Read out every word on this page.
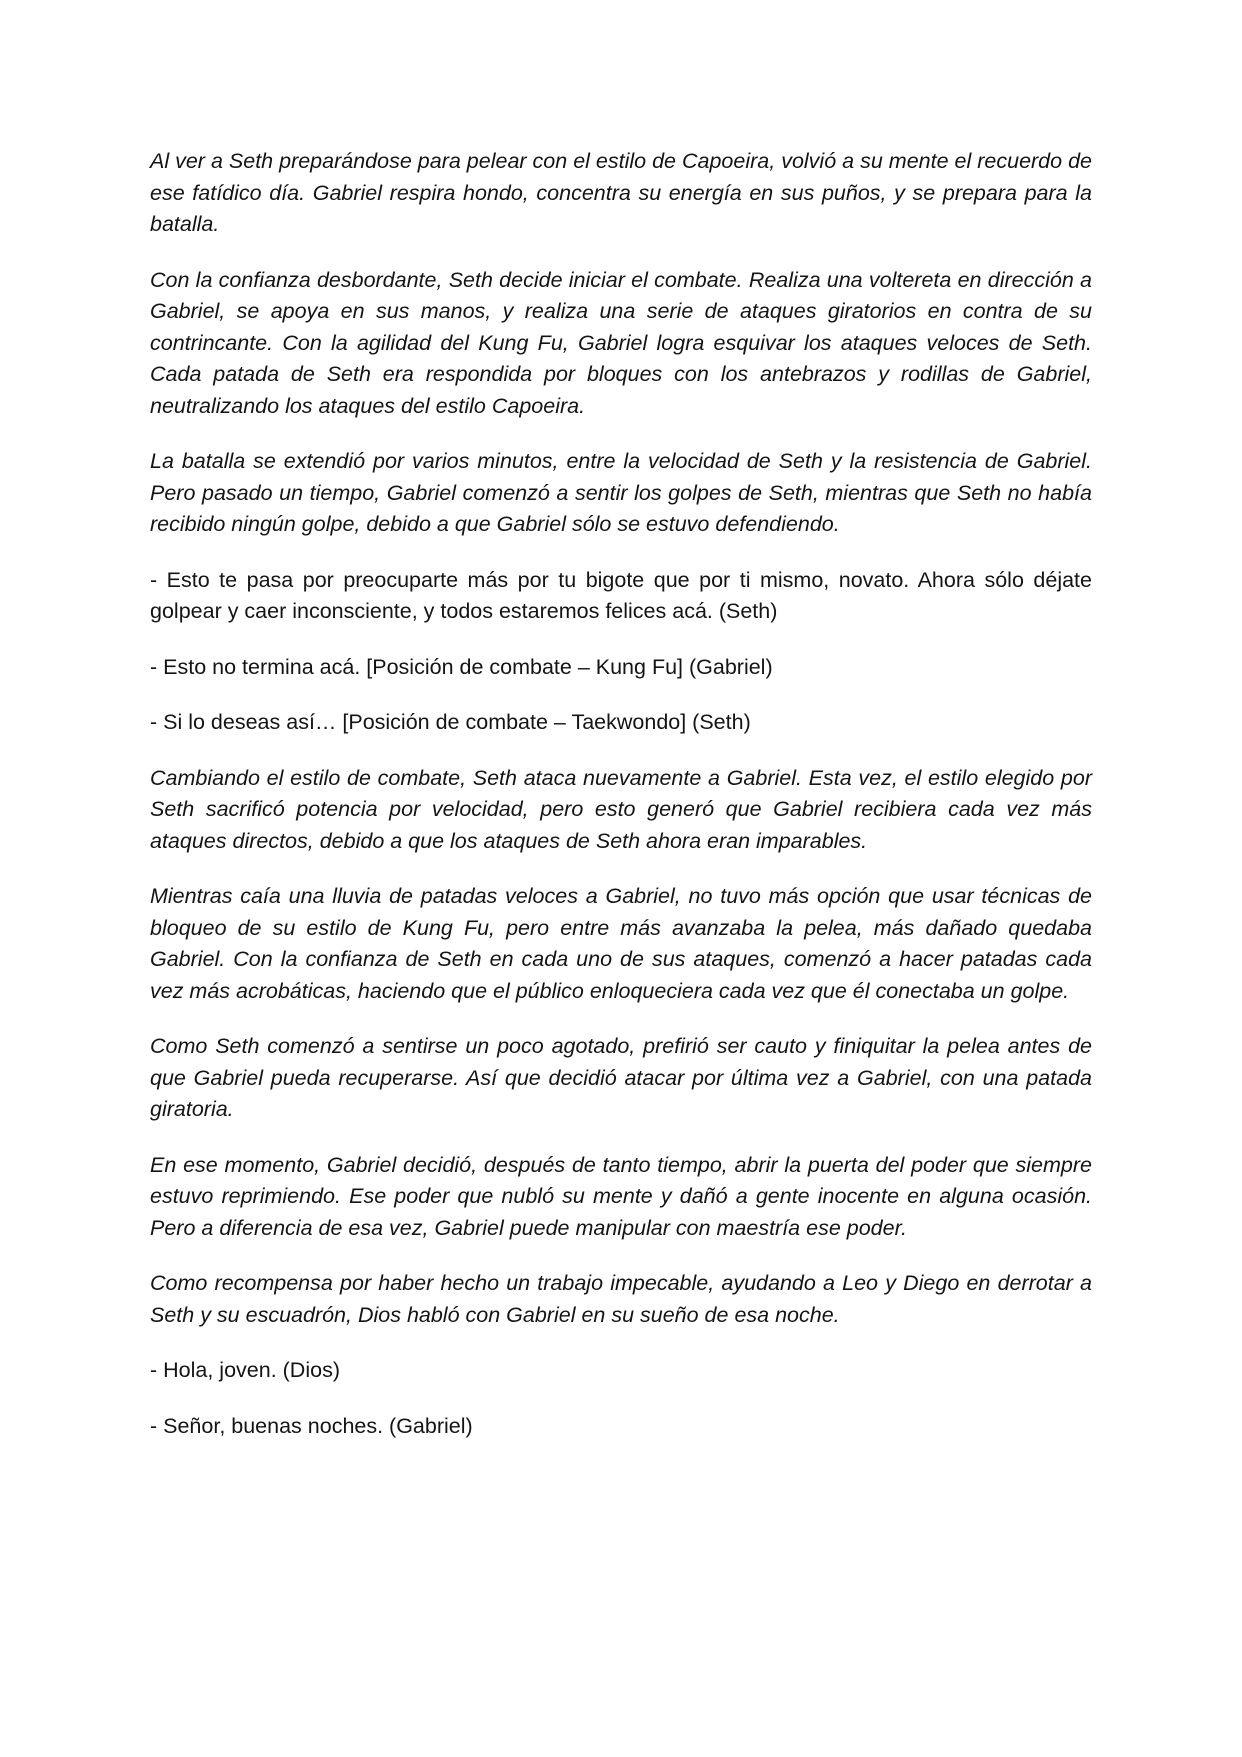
Al ver a Seth preparándose para pelear con el estilo de Capoeira, volvió a su mente el recuerdo de ese fatídico día. Gabriel respira hondo, concentra su energía en sus puños, y se prepara para la batalla.

Con la confianza desbordante, Seth decide iniciar el combate. Realiza una voltereta en dirección a Gabriel, se apoya en sus manos, y realiza una serie de ataques giratorios en contra de su contrincante. Con la agilidad del Kung Fu, Gabriel logra esquivar los ataques veloces de Seth. Cada patada de Seth era respondida por bloques con los antebrazos y rodillas de Gabriel, neutralizando los ataques del estilo Capoeira.

La batalla se extendió por varios minutos, entre la velocidad de Seth y la resistencia de Gabriel. Pero pasado un tiempo, Gabriel comenzó a sentir los golpes de Seth, mientras que Seth no había recibido ningún golpe, debido a que Gabriel sólo se estuvo defendiendo.

- Esto te pasa por preocuparte más por tu bigote que por ti mismo, novato. Ahora sólo déjate golpear y caer inconsciente, y todos estaremos felices acá. (Seth)

- Esto no termina acá. [Posición de combate – Kung Fu] (Gabriel)

- Si lo deseas así… [Posición de combate – Taekwondo] (Seth)

Cambiando el estilo de combate, Seth ataca nuevamente a Gabriel. Esta vez, el estilo elegido por Seth sacrificó potencia por velocidad, pero esto generó que Gabriel recibiera cada vez más ataques directos, debido a que los ataques de Seth ahora eran imparables.

Mientras caía una lluvia de patadas veloces a Gabriel, no tuvo más opción que usar técnicas de bloqueo de su estilo de Kung Fu, pero entre más avanzaba la pelea, más dañado quedaba Gabriel. Con la confianza de Seth en cada uno de sus ataques, comenzó a hacer patadas cada vez más acrobáticas, haciendo que el público enloqueciera cada vez que él conectaba un golpe.

Como Seth comenzó a sentirse un poco agotado, prefirió ser cauto y finiquitar la pelea antes de que Gabriel pueda recuperarse. Así que decidió atacar por última vez a Gabriel, con una patada giratoria.

En ese momento, Gabriel decidió, después de tanto tiempo, abrir la puerta del poder que siempre estuvo reprimiendo. Ese poder que nubló su mente y dañó a gente inocente en alguna ocasión. Pero a diferencia de esa vez, Gabriel puede manipular con maestría ese poder.

Como recompensa por haber hecho un trabajo impecable, ayudando a Leo y Diego en derrotar a Seth y su escuadrón, Dios habló con Gabriel en su sueño de esa noche.

- Hola, joven. (Dios)

- Señor, buenas noches. (Gabriel)
